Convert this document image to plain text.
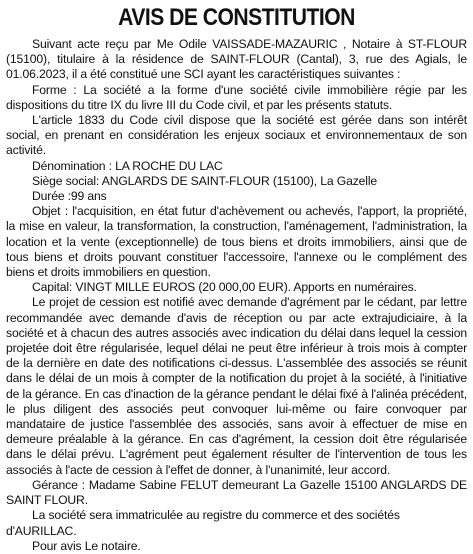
AVIS DE CONSTITUTION

Suivant acte reçu par Me Odile VAISSADE-MAZAURIC , Notaire à ST-FLOUR (15100), titulaire à la résidence de SAINT-FLOUR (Cantal), 3, rue des Agials, le 01.06.2023, il a été constitué une SCI ayant les caractéristiques suivantes :

Forme : La société a la forme d'une société civile immobilière régie par les dispositions du titre IX du livre III du Code civil, et par les présents statuts.

L'article 1833 du Code civil dispose que la société est gérée dans son intérêt social, en prenant en considération les enjeux sociaux et environnementaux de son activité.

Dénomination : LA ROCHE DU LAC

Siège social: ANGLARDS DE SAINT-FLOUR (15100), La Gazelle

Durée :99 ans

Objet : l'acquisition, en état futur d'achèvement ou achevés, l'apport, la propriété, la mise en valeur, la transformation, la construction, l'aménagement, l'administration, la location et la vente (exceptionnelle) de tous biens et droits immobiliers, ainsi que de tous biens et droits pouvant constituer l'accessoire, l'annexe ou le complément des biens et droits immobiliers en question.

Capital: VINGT MILLE EUROS (20 000,00 EUR). Apports en numéraires.

Le projet de cession est notifié avec demande d'agrément par le cédant, par lettre recommandée avec demande d'avis de réception ou par acte extrajudiciaire, à la société et à chacun des autres associés avec indication du délai dans lequel la cession projetée doit être régularisée, lequel délai ne peut être inférieur à trois mois à compter de la dernière en date des notifications ci-dessus. L'assemblée des associés se réunit dans le délai de un mois à compter de la notification du projet à la société, à l'initiative de la gérance. En cas d'inaction de la gérance pendant le délai fixé à l'alinéa précédent, le plus diligent des associés peut convoquer lui-même ou faire convoquer par mandataire de justice l'assemblée des associés, sans avoir à effectuer de mise en demeure préalable à la gérance. En cas d'agrément, la cession doit être régularisée dans le délai prévu. L'agrément peut également résulter de l'intervention de tous les associés à l'acte de cession à l'effet de donner, à l'unanimité, leur accord.

Gérance : Madame Sabine FELUT demeurant La Gazelle 15100 ANGLARDS DE SAINT FLOUR.

La société sera immatriculée au registre du commerce et des sociétés d'AURILLAC.

Pour avis Le notaire.
